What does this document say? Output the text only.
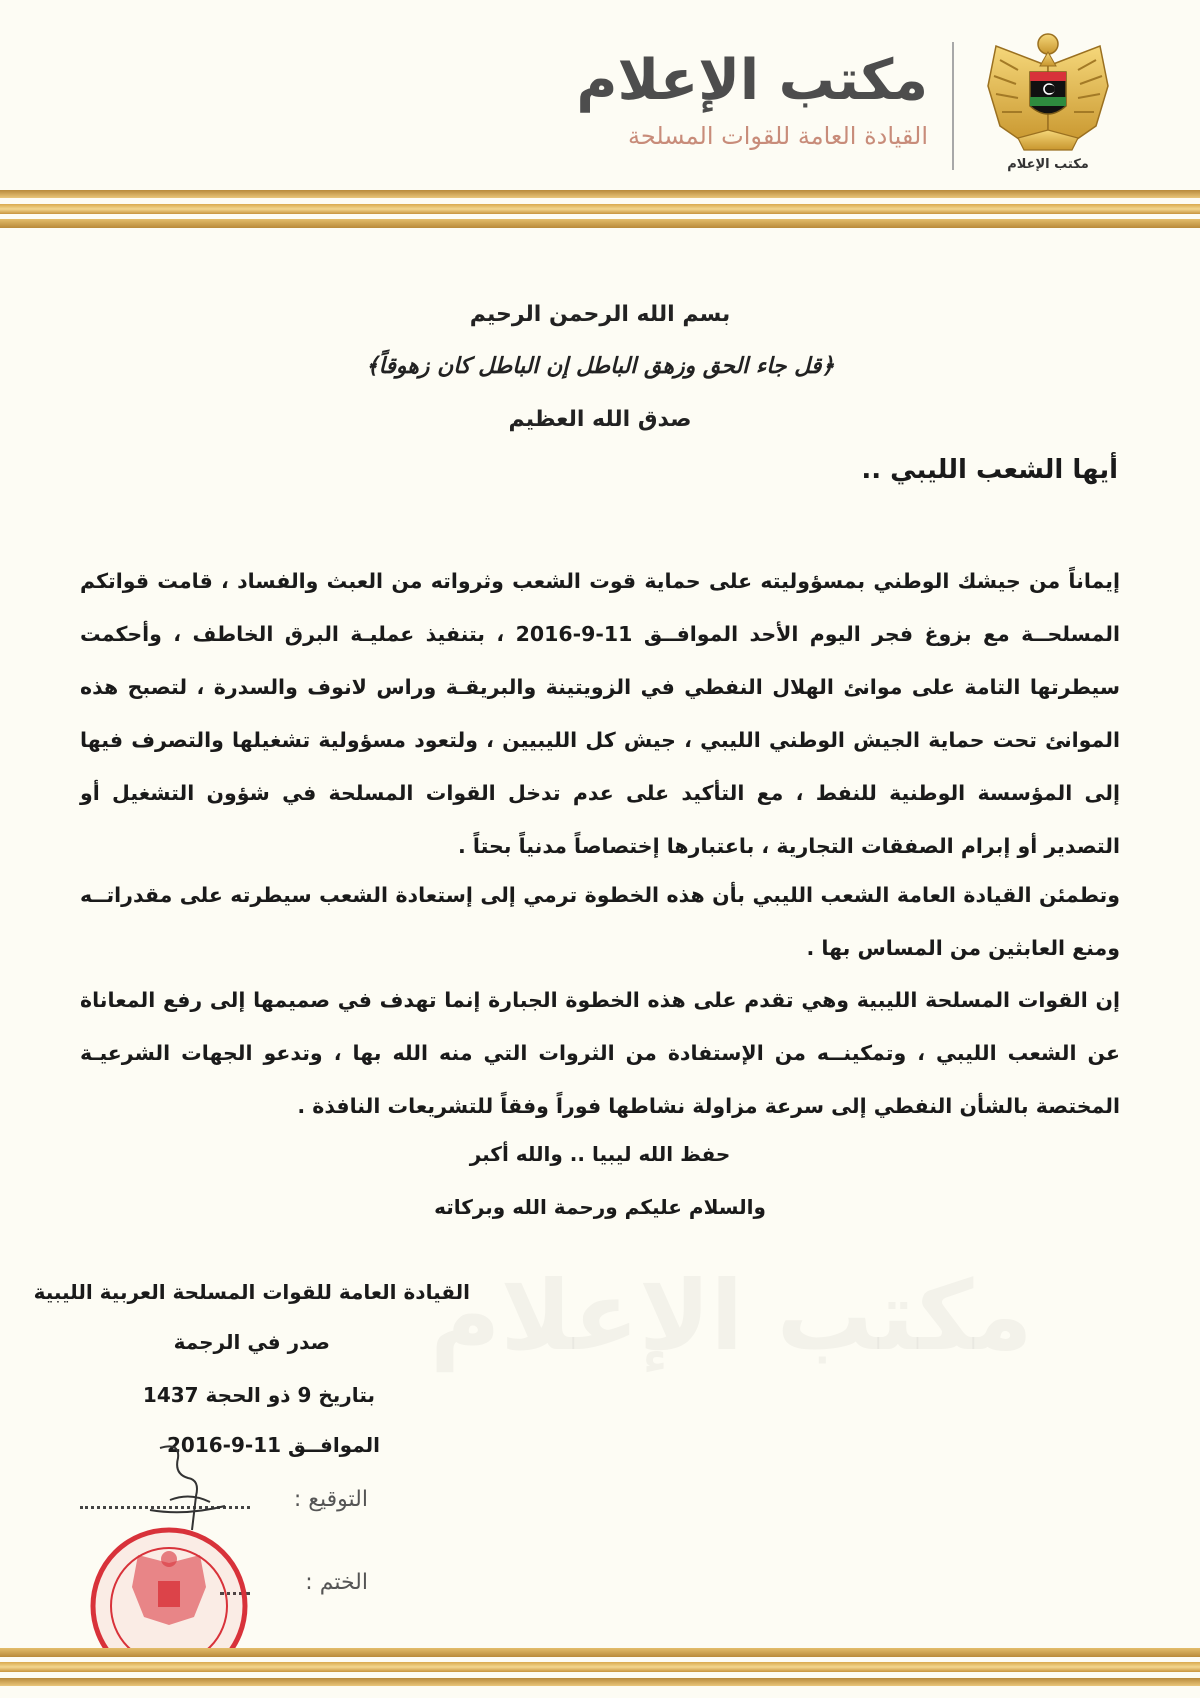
مكتب الإعلام
مكتب الإعلام
القيادة العامة للقوات المسلحة
بسم الله الرحمن الرحيم
﴿قل جاء الحق وزهق الباطل إن الباطل كان زهوقاً﴾
صدق الله العظيم
أيها الشعب الليبي ..
إيماناً من جيشك الوطني بمسؤوليته على حماية قوت الشعب وثرواته من العبث والفساد ، قامت قواتكم المسلحــة مع بزوغ فجر اليوم الأحد الموافــق 11-9-2016 ، بتنفيذ عمليـة البرق الخاطف ، وأحكمت سيطرتها التامة على موانئ الهلال النفطي في الزويتينة والبريقـة وراس لانوف والسدرة ، لتصبح هذه الموانئ تحت حماية الجيش الوطني الليبي ، جيش كل الليبيين ، ولتعود مسؤولية تشغيلها والتصرف فيها إلى المؤسسة الوطنية للنفط ، مع التأكيد على عدم تدخل القوات المسلحة في شؤون التشغيل أو التصدير أو إبرام الصفقات التجارية ، باعتبارها إختصاصاً مدنياً بحتاً .
وتطمئن القيادة العامة الشعب الليبي بأن هذه الخطوة ترمي إلى إستعادة الشعب سيطرته على مقدراتــه ومنع العابثين من المساس بها .
إن القوات المسلحة الليبية وهي تقدم على هذه الخطوة الجبارة إنما تهدف في صميمها إلى رفع المعاناة عن الشعب الليبي ، وتمكينــه من الإستفادة من الثروات التي منه الله بها ، وتدعو الجهات الشرعيـة المختصة بالشأن النفطي إلى سرعة مزاولة نشاطها فوراً وفقاً للتشريعات النافذة .
حفظ الله ليبيا .. والله أكبر
والسلام عليكم ورحمة الله وبركاته
مكتب الإعلام
القيادة العامة للقوات المسلحة العربية الليبية
صدر في الرجمة
بتاريخ 9 ذو الحجة 1437
الموافــق 11-9-2016
التوقيع :
الختم :
